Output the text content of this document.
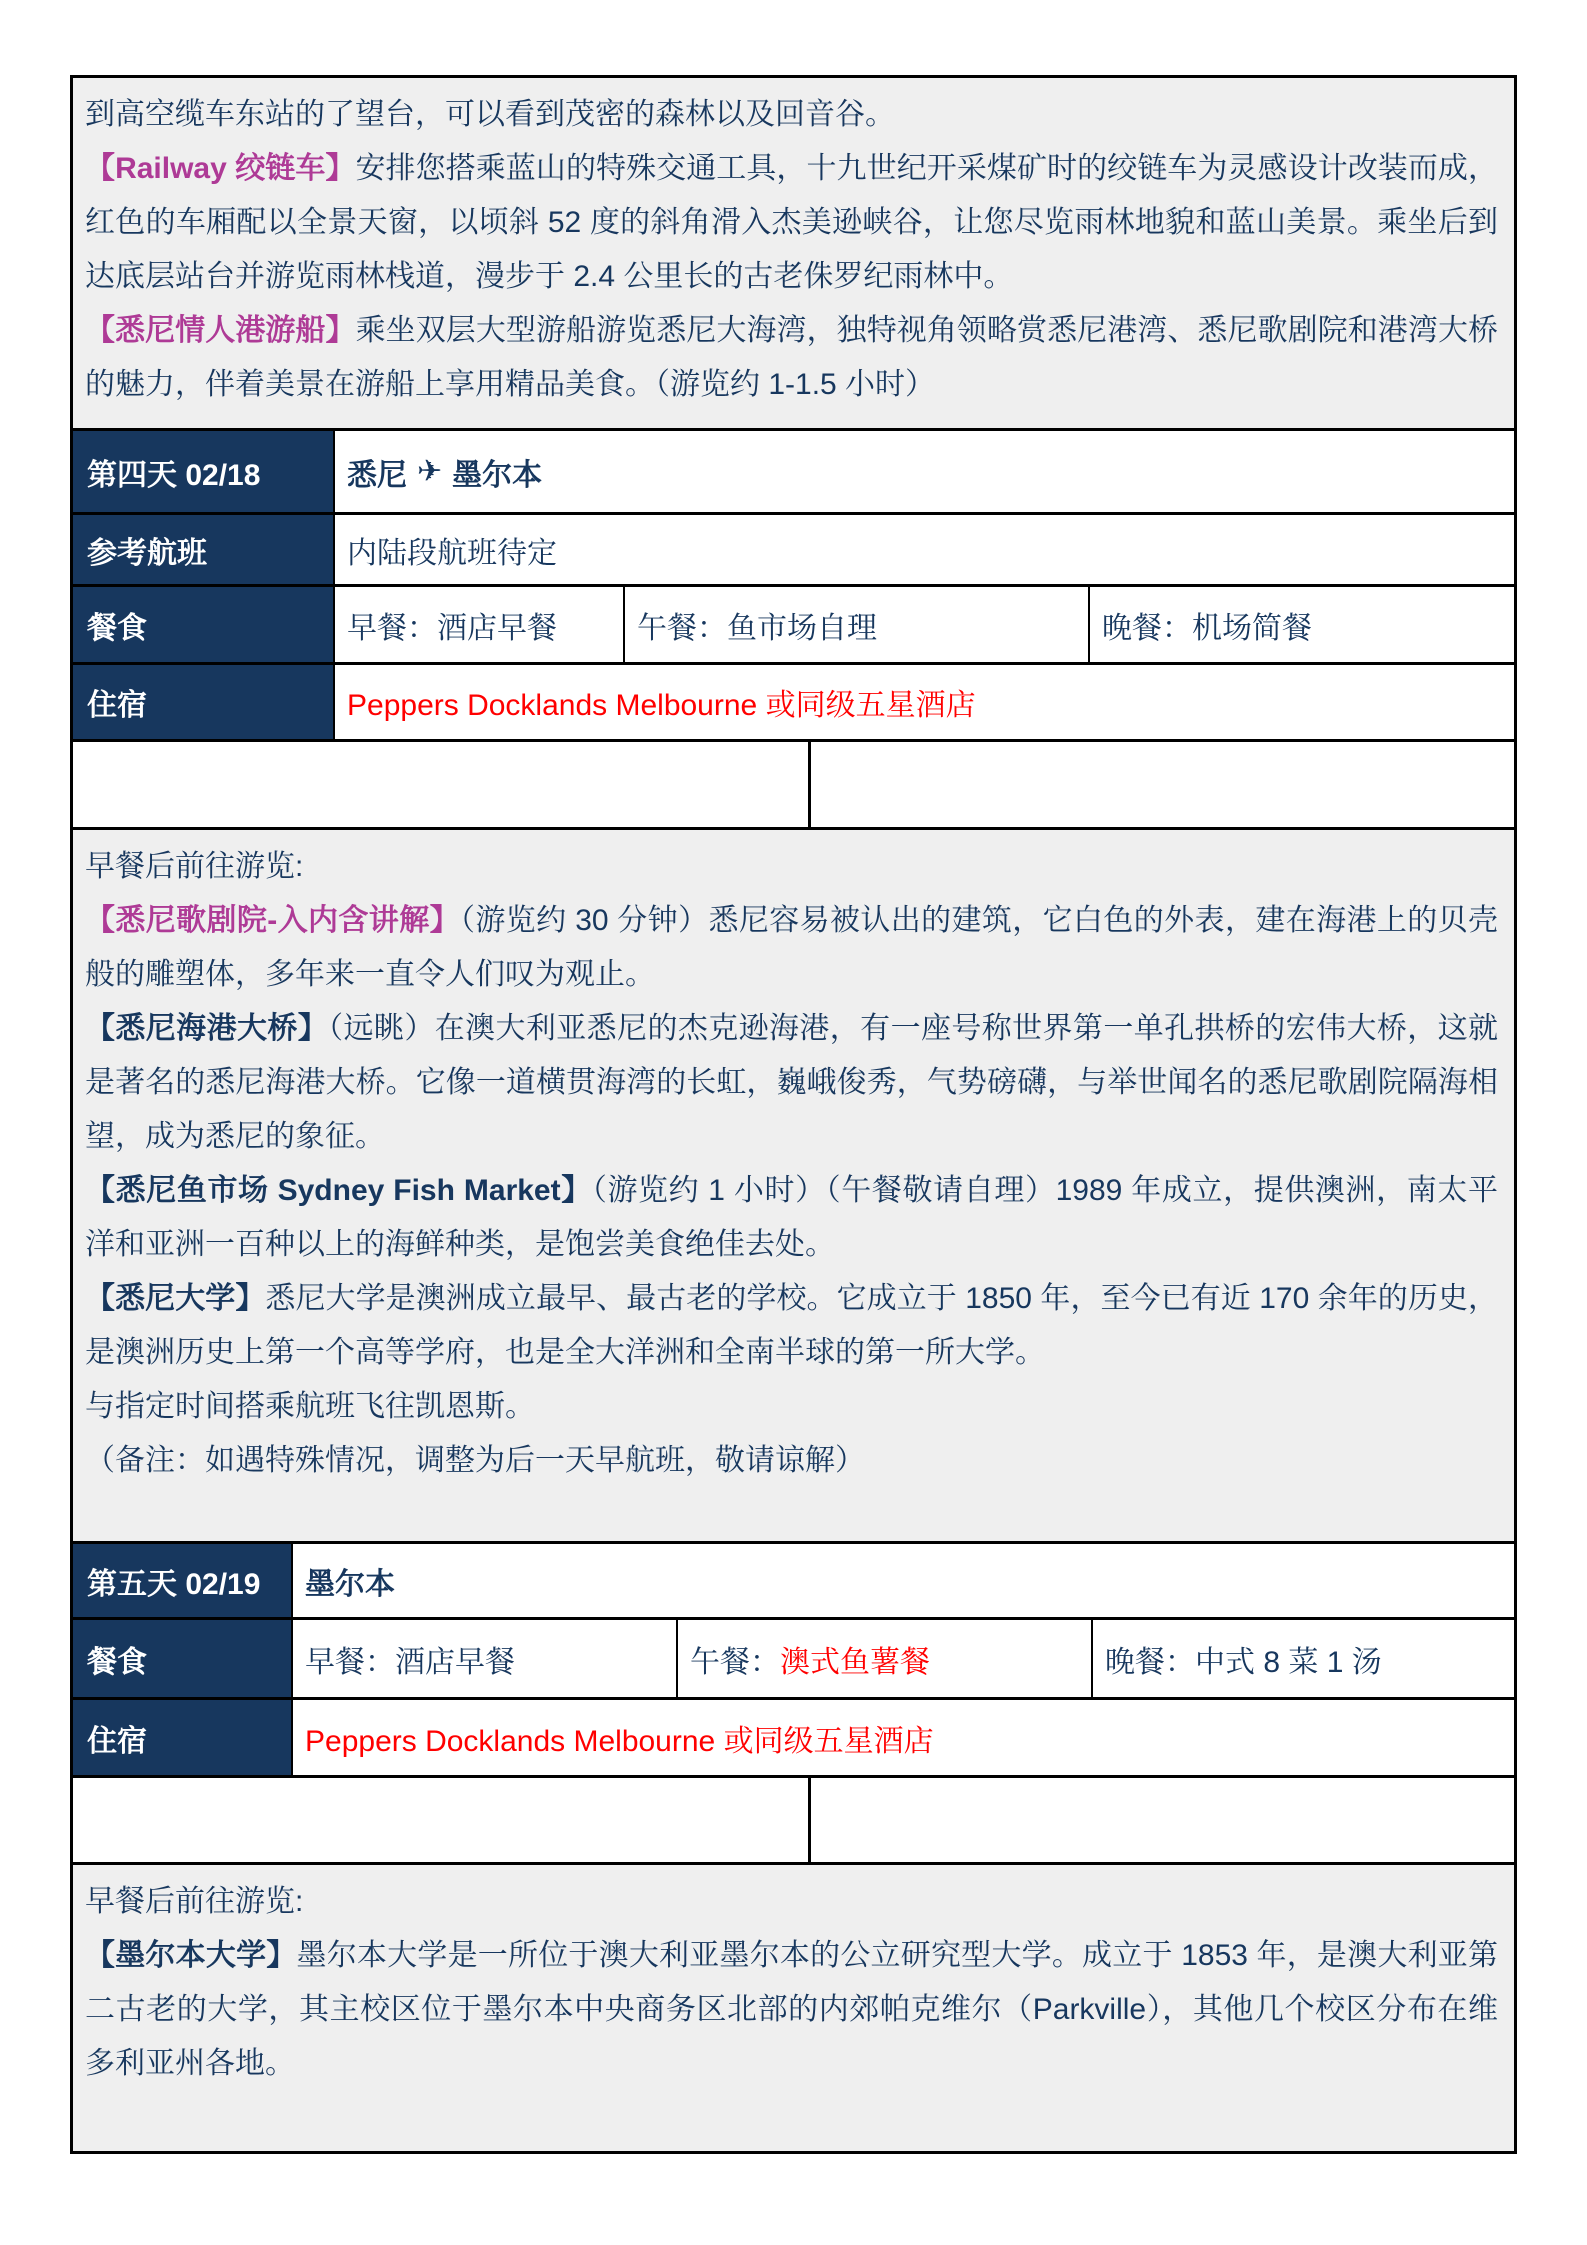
到高空缆车东站的了望台，可以看到茂密的森林以及回音谷。

【Railway 绞链车】安排您搭乘蓝山的特殊交通工具，十九世纪开采煤矿时的绞链车为灵感设计改装而成，红色的车厢配以全景天窗，以顷斜 52 度的斜角滑入杰美逊峡谷，让您尽览雨林地貌和蓝山美景。乘坐后到达底层站台并游览雨林栈道，漫步于 2.4 公里长的古老侏罗纪雨林中。

【悉尼情人港游船】乘坐双层大型游船游览悉尼大海湾，独特视角领略赏悉尼港湾、悉尼歌剧院和港湾大桥的魅力，伴着美景在游船上享用精品美食。（游览约 1-1.5 小时）

第四天 02/18	悉尼 ✈ 墨尔本
参考航班	内陆段航班待定
餐食	早餐：酒店早餐	午餐：鱼市场自理	晚餐：机场简餐
住宿	Peppers Docklands Melbourne 或同级五星酒店

早餐后前往游览:

【悉尼歌剧院-入内含讲解】（游览约 30 分钟）悉尼容易被认出的建筑，它白色的外表，建在海港上的贝壳般的雕塑体，多年来一直令人们叹为观止。

【悉尼海港大桥】（远眺）在澳大利亚悉尼的杰克逊海港，有一座号称世界第一单孔拱桥的宏伟大桥，这就是著名的悉尼海港大桥。它像一道横贯海湾的长虹，巍峨俊秀，气势磅礴，与举世闻名的悉尼歌剧院隔海相望，成为悉尼的象征。

【悉尼鱼市场 Sydney Fish Market】（游览约 1 小时）（午餐敬请自理）1989 年成立，提供澳洲，南太平洋和亚洲一百种以上的海鲜种类，是饱尝美食绝佳去处。

【悉尼大学】悉尼大学是澳洲成立最早、最古老的学校。它成立于 1850 年，至今已有近 170 余年的历史，是澳洲历史上第一个高等学府，也是全大洋洲和全南半球的第一所大学。

与指定时间搭乘航班飞往凯恩斯。

（备注：如遇特殊情况，调整为后一天早航班，敬请谅解）

第五天 02/19 墨尔本
餐食	早餐：酒店早餐	午餐： 澳式鱼薯餐	晚餐：中式 8 菜 1 汤
住宿	Peppers Docklands Melbourne 或同级五星酒店

早餐后前往游览:

【墨尔本大学】墨尔本大学是一所位于澳大利亚墨尔本的公立研究型大学。成立于 1853 年，是澳大利亚第二古老的大学，其主校区位于墨尔本中央商务区北部的内郊帕克维尔（Parkville），其他几个校区分布在维多利亚州各地。
